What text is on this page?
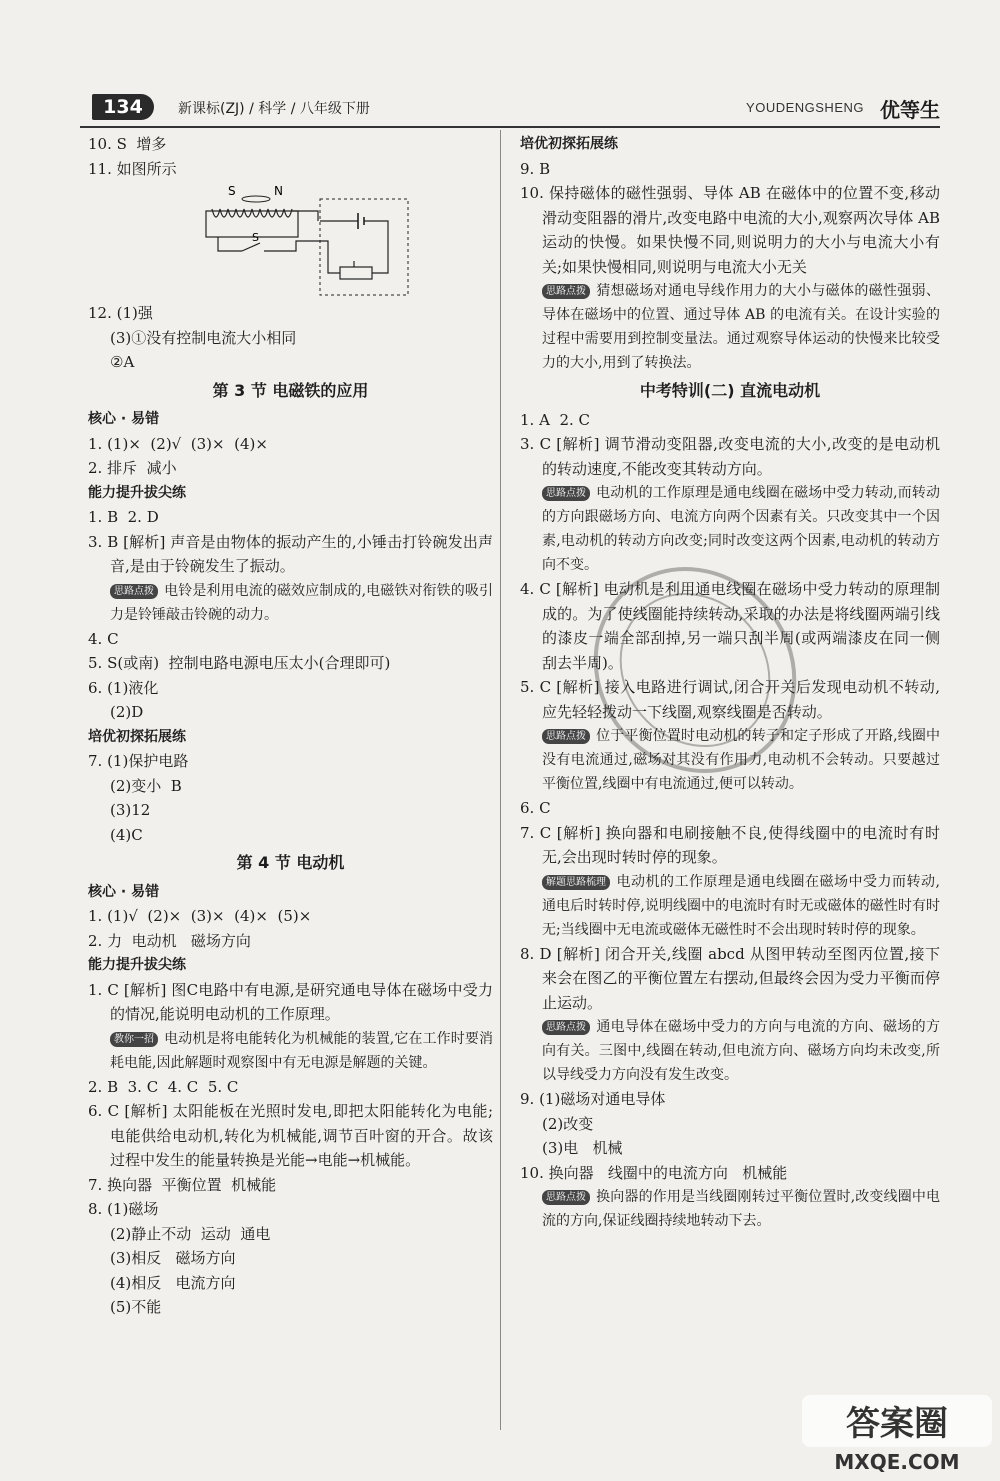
134	新课标(ZJ) / 科学 / 八年级下册	YOUDENGSHENG 优等生
10. S  增多
11. 如图所示
S	N
S
12. (1)强
(3)①没有控制电流大小相同
②A
第 3 节 电磁铁的应用
核心 · 易错
1. (1)×  (2)√  (3)×  (4)×
2. 排斥  减小
能力提升拔尖练
1. B  2. D
3. B [解析] 声音是由物体的振动产生的,小锤击打铃碗发出声音,是由于铃碗发生了振动。
思路点拨 电铃是利用电流的磁效应制成的,电磁铁对衔铁的吸引力是铃锤敲击铃碗的动力。
4. C
5. S(或南)  控制电路电源电压太小(合理即可)
6. (1)液化
(2)D
培优初探拓展练
7. (1)保护电路
(2)变小  B
(3)12
(4)C
第 4 节 电动机
核心 · 易错
1. (1)√  (2)×  (3)×  (4)×  (5)×
2. 力  电动机   磁场方向
能力提升拔尖练
1. C [解析] 图C电路中有电源,是研究通电导体在磁场中受力的情况,能说明电动机的工作原理。
教你一招 电动机是将电能转化为机械能的装置,它在工作时要消耗电能,因此解题时观察图中有无电源是解题的关键。
2. B  3. C  4. C  5. C
6. C [解析] 太阳能板在光照时发电,即把太阳能转化为电能;电能供给电动机,转化为机械能,调节百叶窗的开合。故该过程中发生的能量转换是光能→电能→机械能。
7. 换向器  平衡位置  机械能
8. (1)磁场
(2)静止不动  运动  通电
(3)相反   磁场方向
(4)相反   电流方向
(5)不能
培优初探拓展练
9. B
10. 保持磁体的磁性强弱、导体 AB 在磁体中的位置不变,移动滑动变阻器的滑片,改变电路中电流的大小,观察两次导体 AB 运动的快慢。如果快慢不同,则说明力的大小与电流大小有关;如果快慢相同,则说明与电流大小无关
思路点拨 猜想磁场对通电导线作用力的大小与磁体的磁性强弱、导体在磁场中的位置、通过导体 AB 的电流有关。在设计实验的过程中需要用到控制变量法。通过观察导体运动的快慢来比较受力的大小,用到了转换法。
中考特训(二) 直流电动机
1. A  2. C
3. C [解析] 调节滑动变阻器,改变电流的大小,改变的是电动机的转动速度,不能改变其转动方向。
思路点拨 电动机的工作原理是通电线圈在磁场中受力转动,而转动的方向跟磁场方向、电流方向两个因素有关。只改变其中一个因素,电动机的转动方向改变;同时改变这两个因素,电动机的转动方向不变。
4. C [解析] 电动机是利用通电线圈在磁场中受力转动的原理制成的。为了使线圈能持续转动,采取的办法是将线圈两端引线的漆皮一端全部刮掉,另一端只刮半周(或两端漆皮在同一侧刮去半周)。
5. C [解析] 接入电路进行调试,闭合开关后发现电动机不转动,应先轻轻拨动一下线圈,观察线圈是否转动。
思路点拨 位于平衡位置时电动机的转子和定子形成了开路,线圈中没有电流通过,磁场对其没有作用力,电动机不会转动。只要越过平衡位置,线圈中有电流通过,便可以转动。
6. C
7. C [解析] 换向器和电刷接触不良,使得线圈中的电流时有时无,会出现时转时停的现象。
解题思路梳理 电动机的工作原理是通电线圈在磁场中受力而转动,通电后时转时停,说明线圈中的电流时有时无或磁体的磁性时有时无;当线圈中无电流或磁体无磁性时不会出现时转时停的现象。
8. D [解析] 闭合开关,线圈 abcd 从图甲转动至图丙位置,接下来会在图乙的平衡位置左右摆动,但最终会因为受力平衡而停止运动。
思路点拨 通电导体在磁场中受力的方向与电流的方向、磁场的方向有关。三图中,线圈在转动,但电流方向、磁场方向均未改变,所以导线受力方向没有发生改变。
9. (1)磁场对通电导体
(2)改变
(3)电   机械
10. 换向器   线圈中的电流方向   机械能
思路点拨 换向器的作用是当线圈刚转过平衡位置时,改变线圈中电流的方向,保证线圈持续地转动下去。
答案圈
MXQE.COM
